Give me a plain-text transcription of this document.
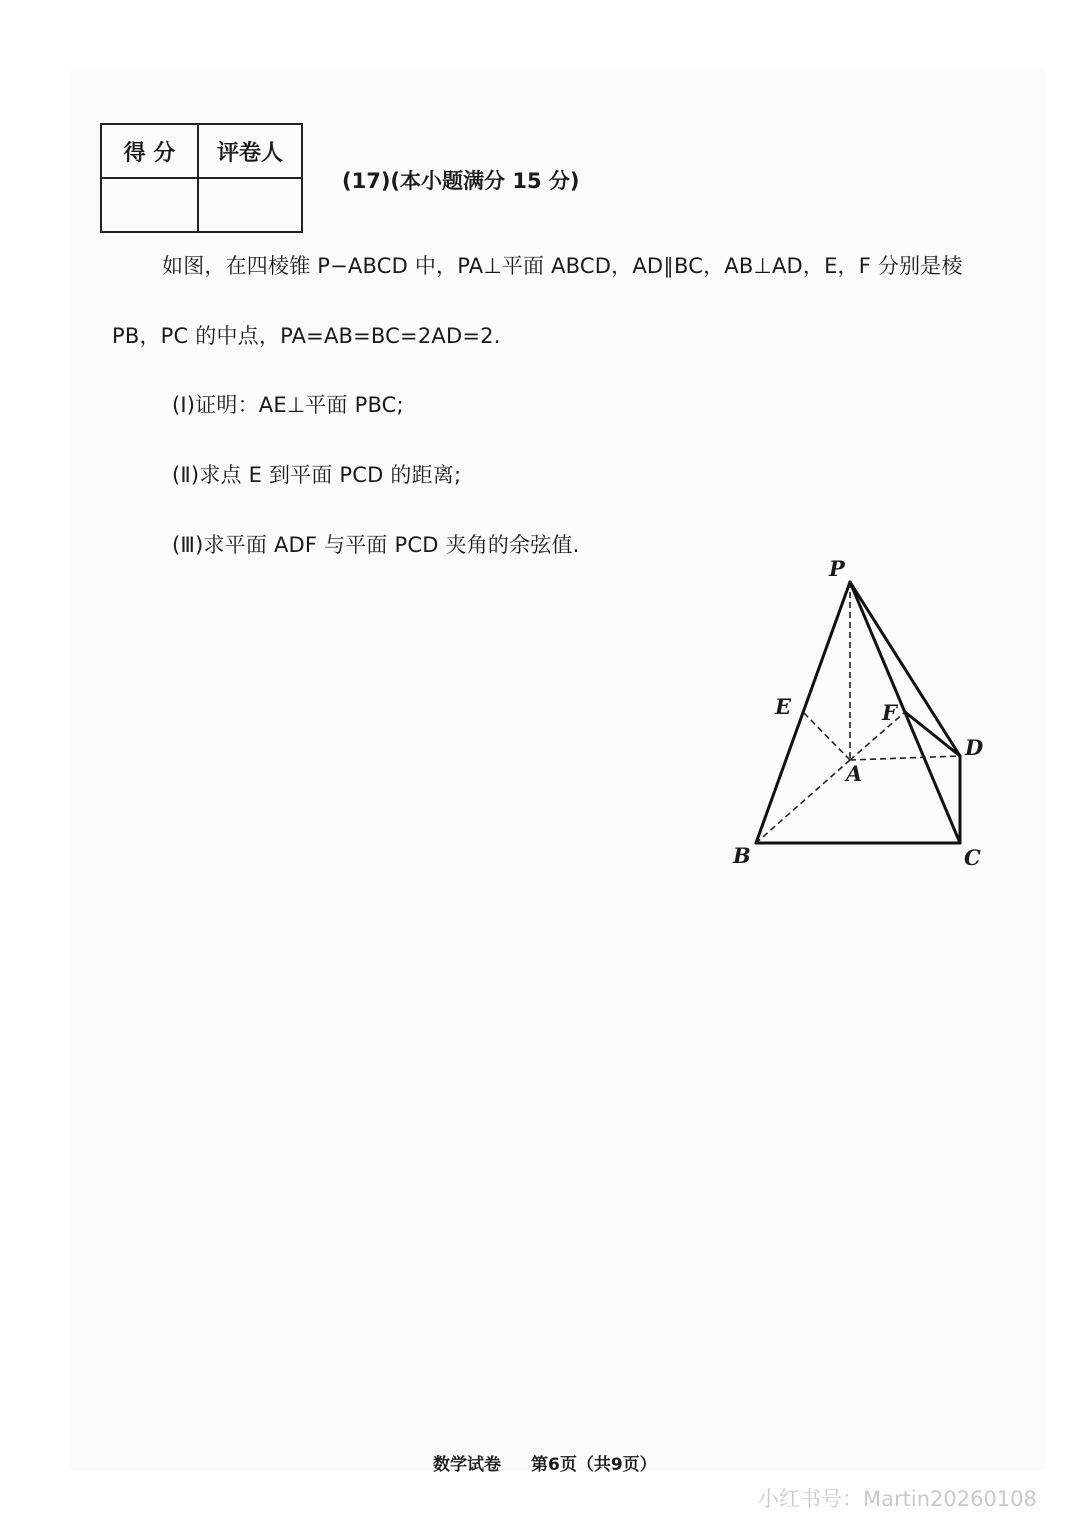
得 分	评卷人

(17)(本小题满分 15 分)
如图，在四棱锥 P−ABCD 中，PA⊥平面 ABCD，AD∥BC，AB⊥AD，E，F 分别是棱
PB，PC 的中点，PA=AB=BC=2AD=2.
(Ⅰ)证明：AE⊥平面 PBC;
(Ⅱ)求点 E 到平面 PCD 的距离;
(Ⅲ)求平面 ADF 与平面 PCD 夹角的余弦值.
P
E	F
A
D
B	C
数学试卷 第6页（共9页）
小红书号：Martin20260108
